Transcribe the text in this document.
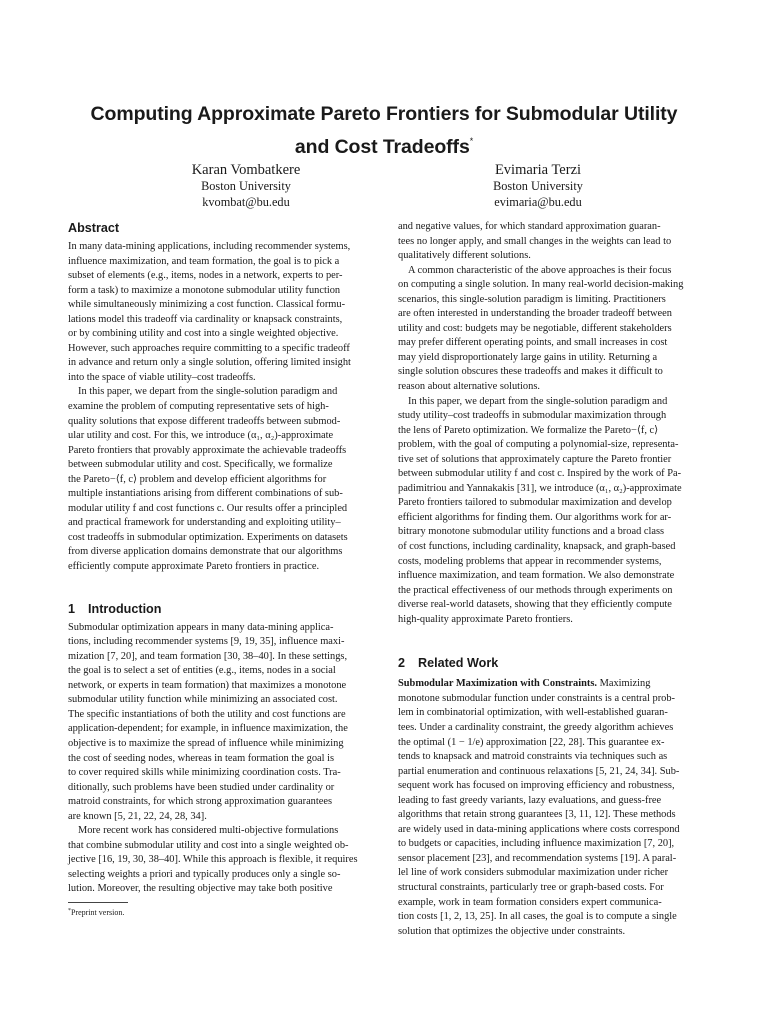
Computing Approximate Pareto Frontiers for Submodular Utility
and Cost Tradeoffs*
Karan Vombatkere
Boston University
kvombat@bu.edu
Evimaria Terzi
Boston University
evimaria@bu.edu
Abstract

In many data-mining applications, including recommender systems,
influence maximization, and team formation, the goal is to pick a
subset of elements (e.g., items, nodes in a network, experts to per-
form a task) to maximize a monotone submodular utility function
while simultaneously minimizing a cost function. Classical formu-
lations model this tradeoff via cardinality or knapsack constraints,
or by combining utility and cost into a single weighted objective.
However, such approaches require committing to a specific tradeoff
in advance and return only a single solution, offering limited insight
into the space of viable utility–cost tradeoffs.

In this paper, we depart from the single-solution paradigm and
examine the problem of computing representative sets of high-
quality solutions that expose different tradeoffs between submod-
ular utility and cost. For this, we introduce (α₁, α₂)-approximate
Pareto frontiers that provably approximate the achievable tradeoffs
between submodular utility and cost. Specifically, we formalize
the Pareto−⟨f, c⟩ problem and develop efficient algorithms for
multiple instantiations arising from different combinations of sub-
modular utility f and cost functions c. Our results offer a principled
and practical framework for understanding and exploiting utility–
cost tradeoffs in submodular optimization. Experiments on datasets
from diverse application domains demonstrate that our algorithms
efficiently compute approximate Pareto frontiers in practice.

1 Introduction

Submodular optimization appears in many data-mining applica-
tions, including recommender systems [9, 19, 35], influence maxi-
mization [7, 20], and team formation [30, 38–40]. In these settings,
the goal is to select a set of entities (e.g., items, nodes in a social
network, or experts in team formation) that maximizes a monotone
submodular utility function while minimizing an associated cost.
The specific instantiations of both the utility and cost functions are
application-dependent; for example, in influence maximization, the
objective is to maximize the spread of influence while minimizing
the cost of seeding nodes, whereas in team formation the goal is
to cover required skills while minimizing coordination costs. Tra-
ditionally, such problems have been studied under cardinality or
matroid constraints, for which strong approximation guarantees
are known [5, 21, 22, 24, 28, 34].

More recent work has considered multi-objective formulations
that combine submodular utility and cost into a single weighted ob-
jective [16, 19, 30, 38–40]. While this approach is flexible, it requires
selecting weights a priori and typically produces only a single so-
lution. Moreover, the resulting objective may take both positive

*Preprint version.

and negative values, for which standard approximation guaran-
tees no longer apply, and small changes in the weights can lead to
qualitatively different solutions.

A common characteristic of the above approaches is their focus
on computing a single solution. In many real-world decision-making
scenarios, this single-solution paradigm is limiting. Practitioners
are often interested in understanding the broader tradeoff between
utility and cost: budgets may be negotiable, different stakeholders
may prefer different operating points, and small increases in cost
may yield disproportionately large gains in utility. Returning a
single solution obscures these tradeoffs and makes it difficult to
reason about alternative solutions.

In this paper, we depart from the single-solution paradigm and
study utility–cost tradeoffs in submodular maximization through
the lens of Pareto optimization. We formalize the Pareto−⟨f, c⟩
problem, with the goal of computing a polynomial-size, representa-
tive set of solutions that approximately capture the Pareto frontier
between submodular utility f and cost c. Inspired by the work of Pa-
padimitriou and Yannakakis [31], we introduce (α₁, α₂)-approximate
Pareto frontiers tailored to submodular maximization and develop
efficient algorithms for finding them. Our algorithms work for ar-
bitrary monotone submodular utility functions and a broad class
of cost functions, including cardinality, knapsack, and graph-based
costs, modeling problems that appear in recommender systems,
influence maximization, and team formation. We also demonstrate
the practical effectiveness of our methods through experiments on
diverse real-world datasets, showing that they efficiently compute
high-quality approximate Pareto frontiers.

2 Related Work

Submodular Maximization with Constraints. Maximizing
monotone submodular function under constraints is a central prob-
lem in combinatorial optimization, with well-established guaran-
tees. Under a cardinality constraint, the greedy algorithm achieves
the optimal (1 − 1/e) approximation [22, 28]. This guarantee ex-
tends to knapsack and matroid constraints via techniques such as
partial enumeration and continuous relaxations [5, 21, 24, 34]. Sub-
sequent work has focused on improving efficiency and robustness,
leading to fast greedy variants, lazy evaluations, and guess-free
algorithms that retain strong guarantees [3, 11, 12]. These methods
are widely used in data-mining applications where costs correspond
to budgets or capacities, including influence maximization [7, 20],
sensor placement [23], and recommendation systems [19]. A paral-
lel line of work considers submodular maximization under richer
structural constraints, particularly tree or graph-based costs. For
example, work in team formation considers expert communica-
tion costs [1, 2, 13, 25]. In all cases, the goal is to compute a single
solution that optimizes the objective under constraints.
